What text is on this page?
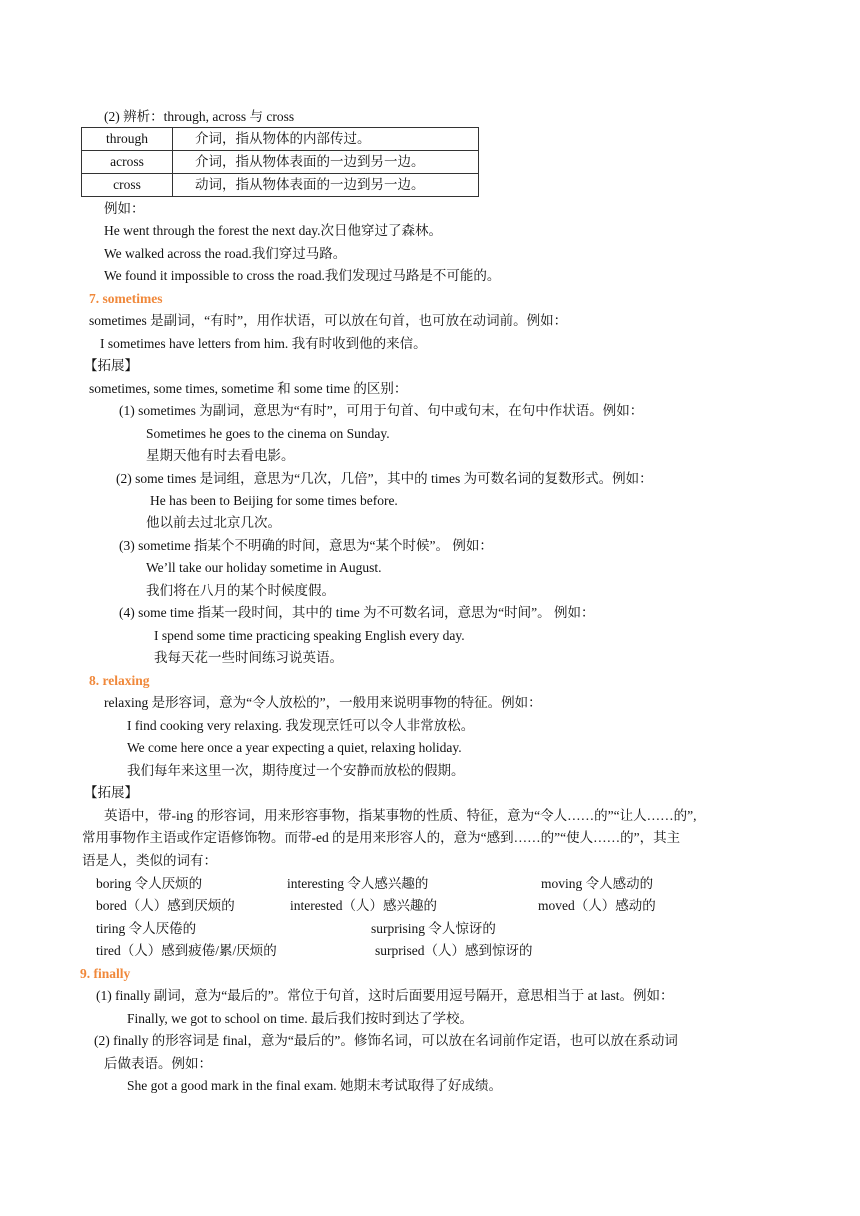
(2) 辨析：through, across 与 cross
through	介词，指从物体的内部传过。
across	介词，指从物体表面的一边到另一边。
cross	动词，指从物体表面的一边到另一边。
例如：
He went through the forest the next day.次日他穿过了森林。
We walked across the road.我们穿过马路。
We found it impossible to cross the road.我们发现过马路是不可能的。
7. sometimes
sometimes 是副词，“有时”，用作状语，可以放在句首，也可放在动词前。例如：
I sometimes have letters from him. 我有时收到他的来信。
【拓展】
sometimes, some times, sometime 和 some time 的区别：
(1) sometimes 为副词，意思为“有时”，可用于句首、句中或句末，在句中作状语。例如：
Sometimes he goes to the cinema on Sunday.
星期天他有时去看电影。
(2) some times 是词组，意思为“几次，几倍”，其中的 times 为可数名词的复数形式。例如：
He has been to Beijing for some times before.
他以前去过北京几次。
(3) sometime 指某个不明确的时间，意思为“某个时候”。 例如：
We’ll take our holiday sometime in August.
我们将在八月的某个时候度假。
(4) some time 指某一段时间，其中的 time 为不可数名词，意思为“时间”。 例如：
I spend some time practicing speaking English every day.
我每天花一些时间练习说英语。
8. relaxing
relaxing 是形容词，意为“令人放松的”，一般用来说明事物的特征。例如：
I find cooking very relaxing. 我发现烹饪可以令人非常放松。
We come here once a year expecting a quiet, relaxing holiday.
我们每年来这里一次，期待度过一个安静而放松的假期。
【拓展】
英语中，带-ing 的形容词，用来形容事物，指某事物的性质、特征，意为“令人……的”“让人……的”,
常用事物作主语或作定语修饰物。而带-ed 的是用来形容人的，意为“感到……的”“使人……的”，其主
语是人，类似的词有：
boring 令人厌烦的	interesting 令人感兴趣的	moving 令人感动的
bored（人）感到厌烦的	interested（人）感兴趣的	moved（人）感动的
tiring 令人厌倦的	surprising 令人惊讶的
tired（人）感到疲倦/累/厌烦的	surprised（人）感到惊讶的
9. finally
(1) finally 副词，意为“最后的”。常位于句首，这时后面要用逗号隔开，意思相当于 at last。例如：
Finally, we got to school on time. 最后我们按时到达了学校。
(2) finally 的形容词是 final，意为“最后的”。修饰名词，可以放在名词前作定语，也可以放在系动词
后做表语。例如：
She got a good mark in the final exam. 她期末考试取得了好成绩。
